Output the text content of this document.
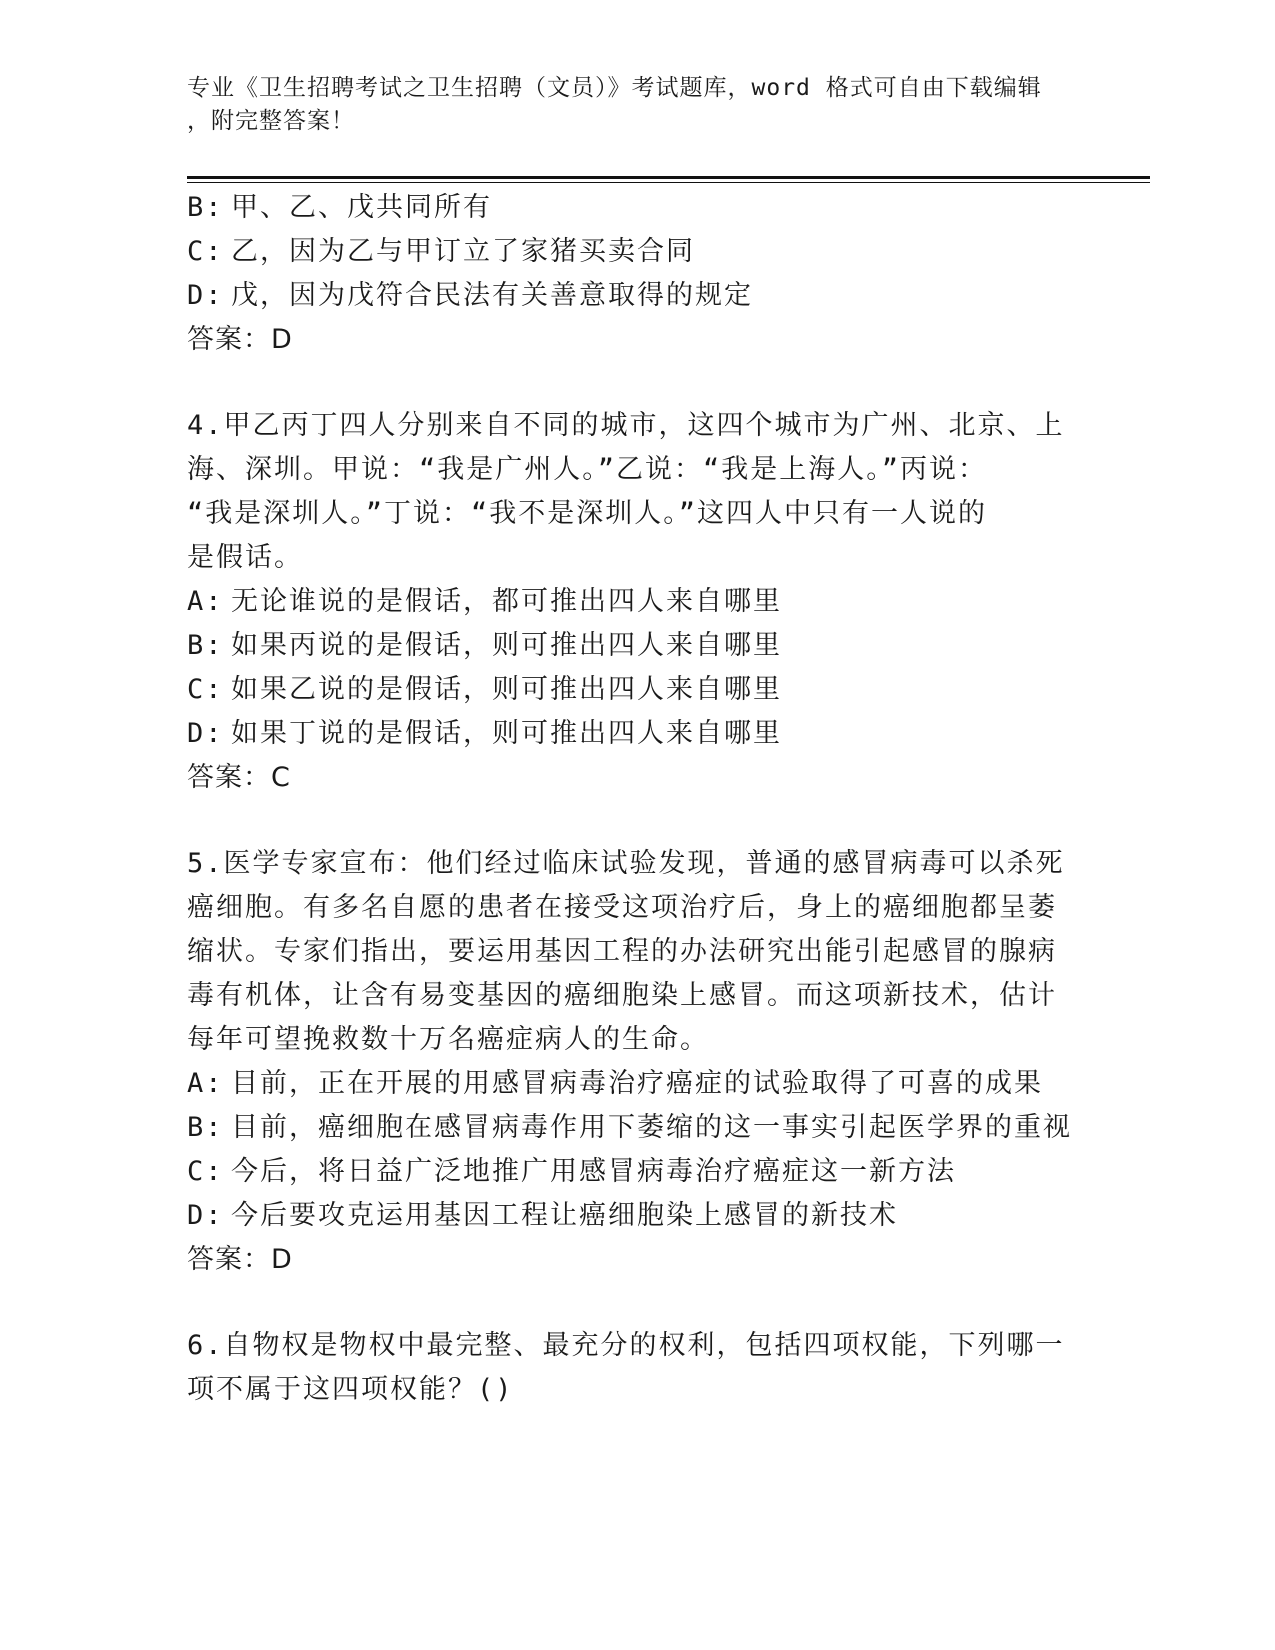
专业《卫生招聘考试之卫生招聘（文员）》考试题库，word 格式可自由下载编辑
，附完整答案！
B: 甲、乙、戊共同所有
C: 乙，因为乙与甲订立了家猪买卖合同
D: 戊，因为戊符合民法有关善意取得的规定
答案：D
4.甲乙丙丁四人分别来自不同的城市，这四个城市为广州、北京、上
海、深圳。甲说：“我是广州人。”乙说：“我是上海人。”丙说：
“我是深圳人。”丁说：“我不是深圳人。”这四人中只有一人说的
是假话。
A: 无论谁说的是假话，都可推出四人来自哪里
B: 如果丙说的是假话，则可推出四人来自哪里
C: 如果乙说的是假话，则可推出四人来自哪里
D: 如果丁说的是假话，则可推出四人来自哪里
答案：C
5.医学专家宣布：他们经过临床试验发现，普通的感冒病毒可以杀死
癌细胞。有多名自愿的患者在接受这项治疗后，身上的癌细胞都呈萎
缩状。专家们指出，要运用基因工程的办法研究出能引起感冒的腺病
毒有机体，让含有易变基因的癌细胞染上感冒。而这项新技术，估计
每年可望挽救数十万名癌症病人的生命。
A: 目前，正在开展的用感冒病毒治疗癌症的试验取得了可喜的成果
B: 目前，癌细胞在感冒病毒作用下萎缩的这一事实引起医学界的重视
C: 今后，将日益广泛地推广用感冒病毒治疗癌症这一新方法
D: 今后要攻克运用基因工程让癌细胞染上感冒的新技术
答案：D
6.自物权是物权中最完整、最充分的权利，包括四项权能，下列哪一
项不属于这四项权能？()
